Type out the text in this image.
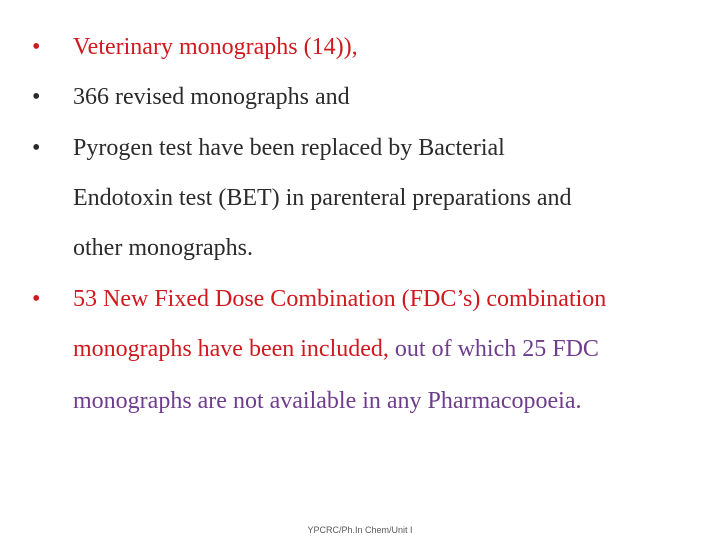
• Veterinary monographs (14)),
• 366 revised monographs and
• Pyrogen test have been replaced by Bacterial
Endotoxin test (BET) in parenteral preparations and
other monographs.
• 53 New Fixed Dose Combination (FDC’s) combination
monographs have been included, out of which 25 FDC
monographs are not available in any Pharmacopoeia.
YPCRC/Ph.In Chem/Unit I
